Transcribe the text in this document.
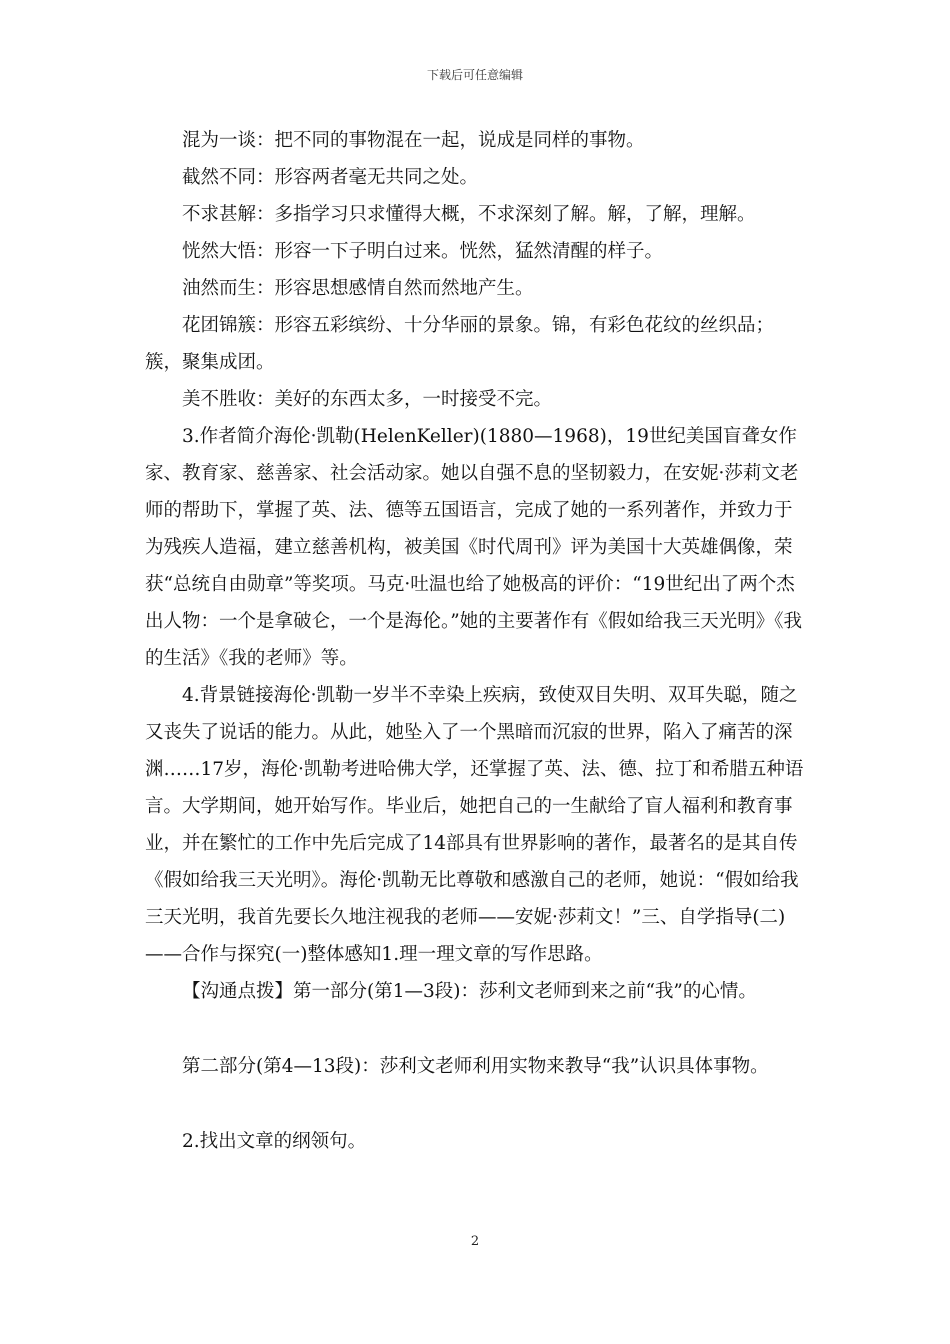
下载后可任意编辑

混为一谈：把不同的事物混在一起，说成是同样的事物。

截然不同：形容两者毫无共同之处。

不求甚解：多指学习只求懂得大概，不求深刻了解。解，了解，理解。

恍然大悟：形容一下子明白过来。恍然，猛然清醒的样子。

油然而生：形容思想感情自然而然地产生。

花团锦簇：形容五彩缤纷、十分华丽的景象。锦，有彩色花纹的丝织品；簇，聚集成团。

美不胜收：美好的东西太多，一时接受不完。

3.作者简介海伦·凯勒(HelenKeller)(1880—1968)，19世纪美国盲聋女作家、教育家、慈善家、社会活动家。她以自强不息的坚韧毅力，在安妮·莎莉文老师的帮助下，掌握了英、法、德等五国语言，完成了她的一系列著作，并致力于为残疾人造福，建立慈善机构，被美国《时代周刊》评为美国十大英雄偶像，荣获“总统自由勋章”等奖项。马克·吐温也给了她极高的评价：“19世纪出了两个杰出人物：一个是拿破仑，一个是海伦。”她的主要著作有《假如给我三天光明》《我的生活》《我的老师》等。

4.背景链接海伦·凯勒一岁半不幸染上疾病，致使双目失明、双耳失聪，随之又丧失了说话的能力。从此，她坠入了一个黑暗而沉寂的世界，陷入了痛苦的深渊……17岁，海伦·凯勒考进哈佛大学，还掌握了英、法、德、拉丁和希腊五种语言。大学期间，她开始写作。毕业后，她把自己的一生献给了盲人福利和教育事业，并在繁忙的工作中先后完成了14部具有世界影响的著作，最著名的是其自传《假如给我三天光明》。海伦·凯勒无比尊敬和感激自己的老师，她说：“假如给我三天光明，我首先要长久地注视我的老师——安妮·莎莉文！”三、自学指导(二)——合作与探究(一)整体感知1.理一理文章的写作思路。

【沟通点拨】第一部分(第1—3段)：莎利文老师到来之前“我”的心情。

第二部分(第4—13段)：莎利文老师利用实物来教导“我”认识具体事物。

2.找出文章的纲领句。

2
